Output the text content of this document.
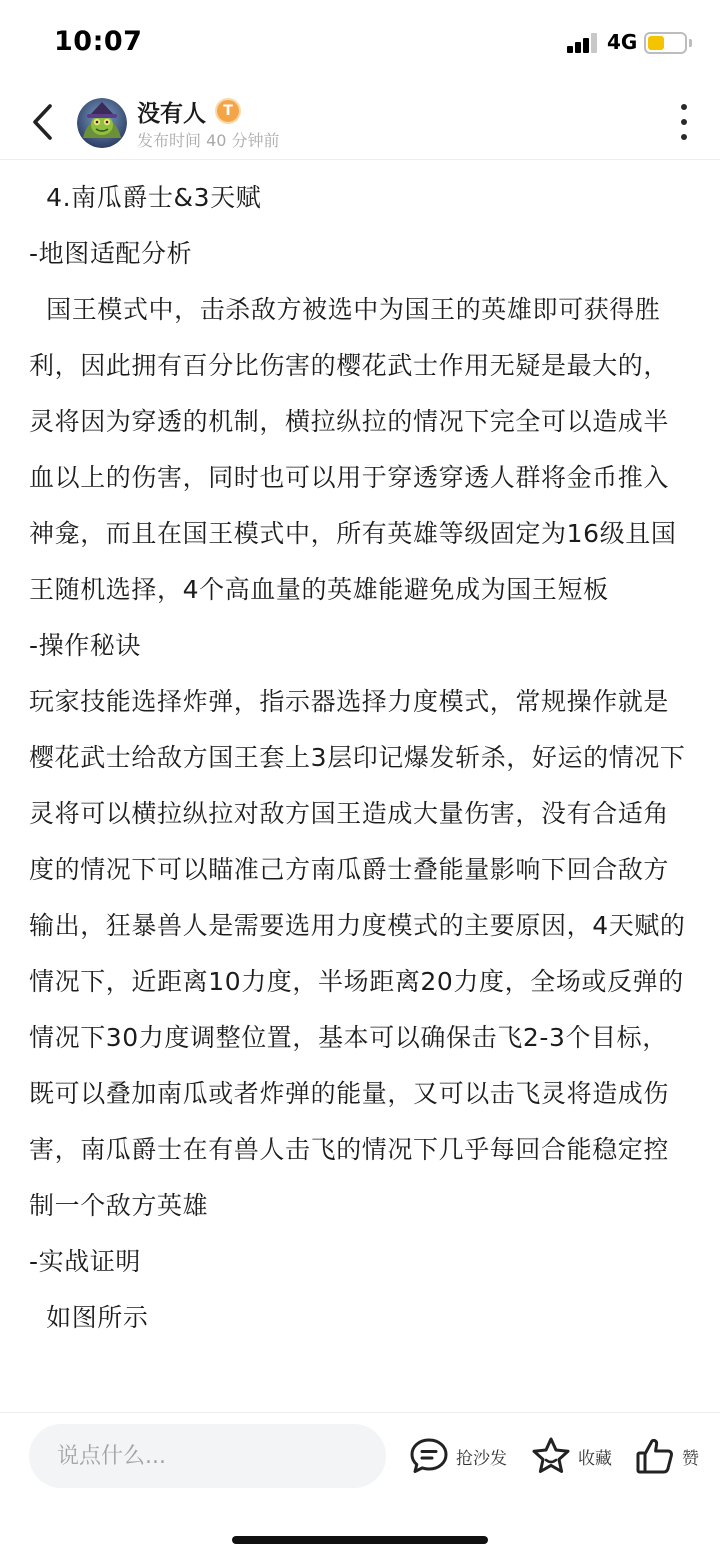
10:07	4G
没有人	T
发布时间 40 分钟前

4.南瓜爵士&3天赋

-地图适配分析

国王模式中，击杀敌方被选中为国王的英雄即可获得胜利，因此拥有百分比伤害的樱花武士作用无疑是最大的，灵将因为穿透的机制，横拉纵拉的情况下完全可以造成半血以上的伤害，同时也可以用于穿透穿透人群将金币推入神龛，而且在国王模式中，所有英雄等级固定为16级且国王随机选择，4个高血量的英雄能避免成为国王短板

-操作秘诀

玩家技能选择炸弹，指示器选择力度模式，常规操作就是樱花武士给敌方国王套上3层印记爆发斩杀，好运的情况下灵将可以横拉纵拉对敌方国王造成大量伤害，没有合适角度的情况下可以瞄准己方南瓜爵士叠能量影响下回合敌方输出，狂暴兽人是需要选用力度模式的主要原因，4天赋的情况下，近距离10力度，半场距离20力度，全场或反弹的情况下30力度调整位置，基本可以确保击飞2-3个目标，既可以叠加南瓜或者炸弹的能量，又可以击飞灵将造成伤害，南瓜爵士在有兽人击飞的情况下几乎每回合能稳定控制一个敌方英雄

-实战证明

如图所示

说点什么...
抢沙发	收藏	赞
